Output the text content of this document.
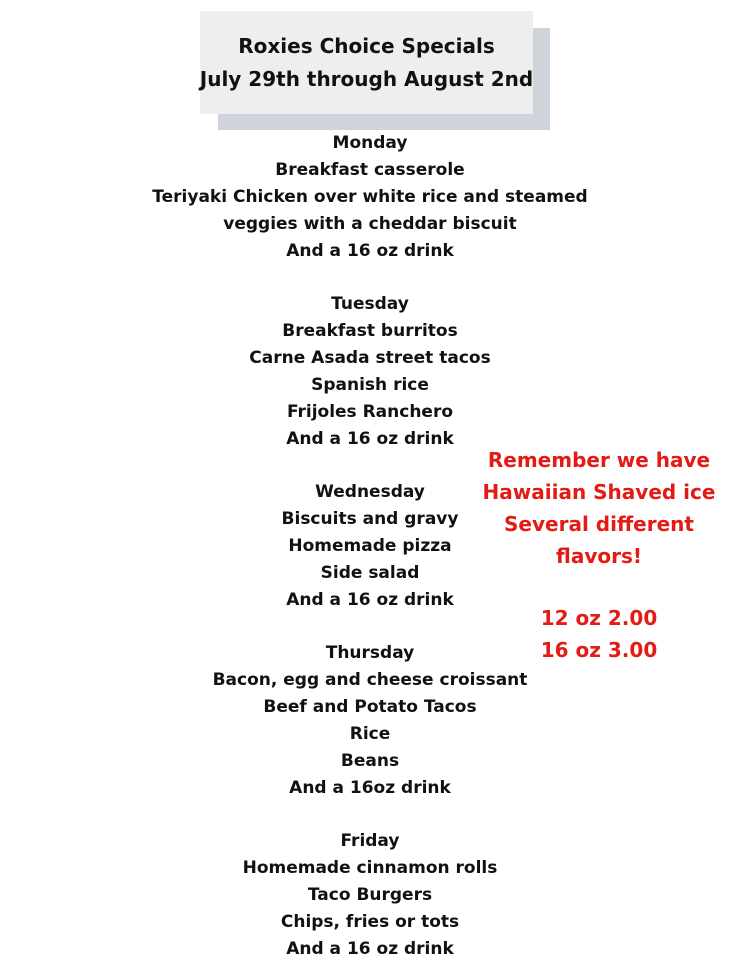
Roxies Choice Specials
July 29th through August 2nd
Monday
Breakfast casserole
Teriyaki Chicken over white rice and steamed
veggies with a cheddar biscuit
And a 16 oz drink
Tuesday
Breakfast burritos
Carne Asada street tacos
Spanish rice
Frijoles Ranchero
And a 16 oz drink
Wednesday
Biscuits and gravy
Homemade pizza
Side salad
And a 16 oz drink
Thursday
Bacon, egg and cheese croissant
Beef and Potato Tacos
Rice
Beans
And a 16oz drink
Friday
Homemade cinnamon rolls
Taco Burgers
Chips, fries or tots
And a 16 oz drink
Remember we have
Hawaiian Shaved ice
Several different
flavors!
12 oz 2.00
16 oz 3.00
